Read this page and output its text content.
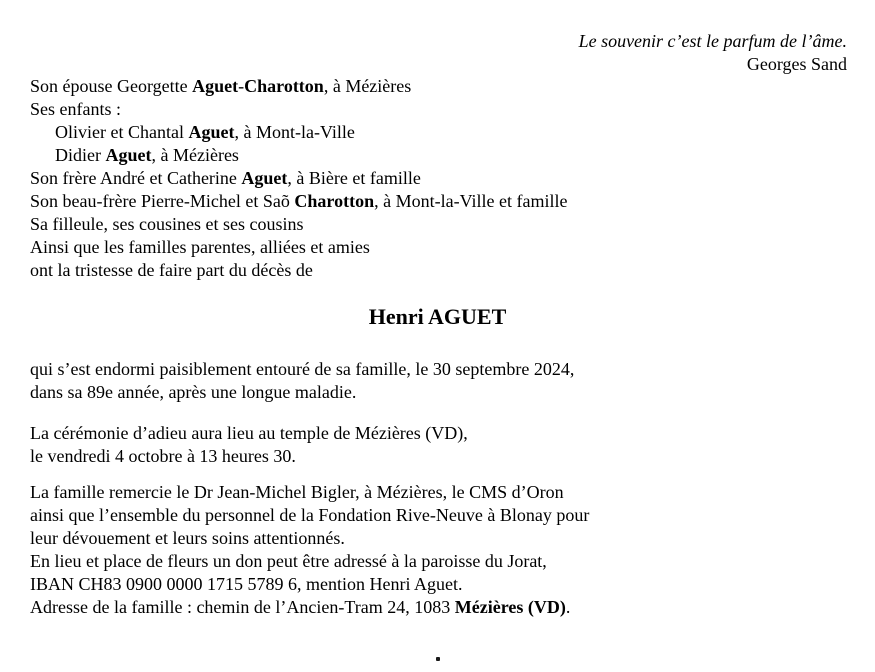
Le souvenir c’est le parfum de l’âme.
Georges Sand
Son épouse Georgette Aguet-Charotton, à Mézières
Ses enfants :
Olivier et Chantal Aguet, à Mont-la-Ville
Didier Aguet, à Mézières
Son frère André et Catherine Aguet, à Bière et famille
Son beau-frère Pierre-Michel et Saõ Charotton, à Mont-la-Ville et famille
Sa filleule, ses cousines et ses cousins
Ainsi que les familles parentes, alliées et amies
ont la tristesse de faire part du décès de
Henri AGUET
qui s’est endormi paisiblement entouré de sa famille, le 30 septembre 2024,
dans sa 89e année, après une longue maladie.
La cérémonie d’adieu aura lieu au temple de Mézières (VD),
le vendredi 4 octobre à 13 heures 30.
La famille remercie le Dr Jean-Michel Bigler, à Mézières, le CMS d’Oron
ainsi que l’ensemble du personnel de la Fondation Rive-Neuve à Blonay pour
leur dévouement et leurs soins attentionnés.
En lieu et place de fleurs un don peut être adressé à la paroisse du Jorat,
IBAN CH83 0900 0000 1715 5789 6, mention Henri Aguet.
Adresse de la famille : chemin de l’Ancien-Tram 24, 1083 Mézières (VD).
